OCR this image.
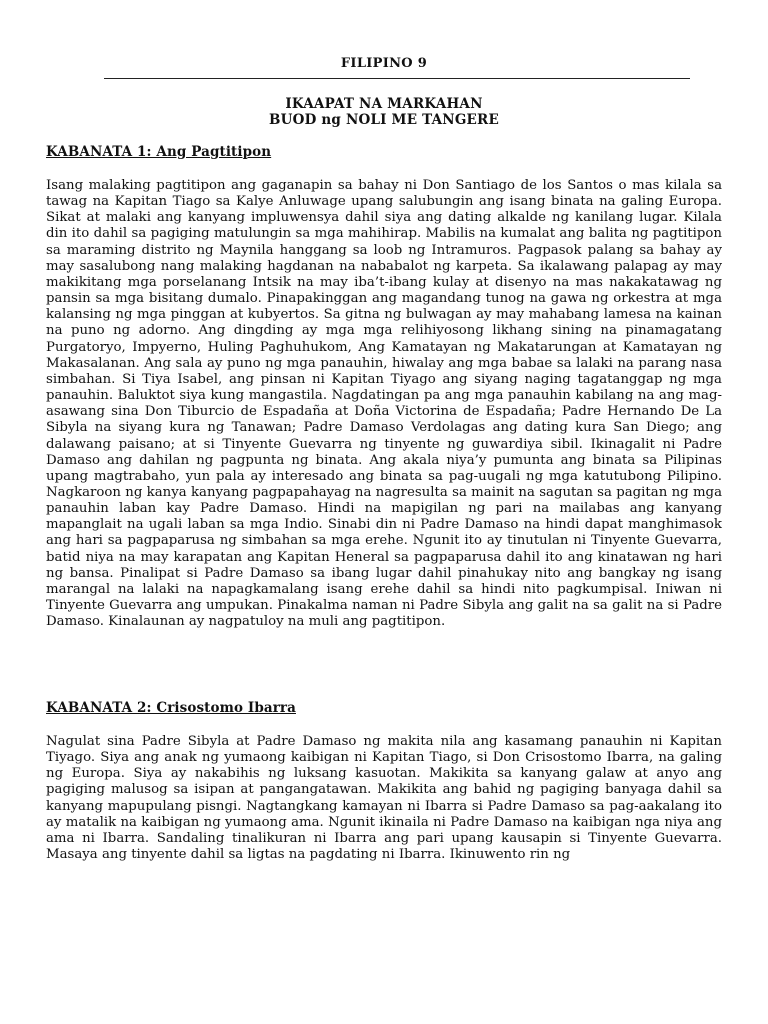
FILIPINO 9
IKAAPAT NA MARKAHAN
BUOD ng NOLI ME TANGERE
KABANATA 1: Ang Pagtitipon

Isang malaking pagtitipon ang gaganapin sa bahay ni Don Santiago de los Santos o mas kilala sa tawag na Kapitan Tiago sa Kalye Anluwage upang salubungin ang isang binata na galing Europa. Sikat at malaki ang kanyang impluwensya dahil siya ang dating alkalde ng kanilang lugar. Kilala din ito dahil sa pagiging matulungin sa mga mahihirap. Mabilis na kumalat ang balita ng pagtitipon sa maraming distrito ng Maynila hanggang sa loob ng Intramuros. Pagpasok palang sa bahay ay may sasalubong nang malaking hagdanan na nababalot ng karpeta. Sa ikalawang palapag ay may makikitang mga porselanang Intsik na may iba’t-ibang kulay at disenyo na mas nakakatawag ng pansin sa mga bisitang dumalo. Pinapakinggan ang magandang tunog na gawa ng orkestra at mga kalansing ng mga pinggan at kubyertos. Sa gitna ng bulwagan ay may mahabang lamesa na kainan na puno ng adorno. Ang dingding ay mga mga relihiyosong likhang sining na pinamagatang Purgatoryo, Impyerno, Huling Paghuhukom, Ang Kamatayan ng Makatarungan at Kamatayan ng Makasalanan. Ang sala ay puno ng mga panauhin, hiwalay ang mga babae sa lalaki na parang nasa simbahan. Si Tiya Isabel, ang pinsan ni Kapitan Tiyago ang siyang naging tagatanggap ng mga panauhin. Baluktot siya kung mangastila. Nagdatingan pa ang mga panauhin kabilang na ang mag-asawang sina Don Tiburcio de Espadaña at Doña Victorina de Espadaña; Padre Hernando De La Sibyla na siyang kura ng Tanawan; Padre Damaso Verdolagas ang dating kura San Diego; ang dalawang paisano; at si Tinyente Guevarra ng tinyente ng guwardiya sibil. Ikinagalit ni Padre Damaso ang dahilan ng pagpunta ng binata. Ang akala niya’y pumunta ang binata sa Pilipinas upang magtrabaho, yun pala ay interesado ang binata sa pag-uugali ng mga katutubong Pilipino. Nagkaroon ng kanya kanyang pagpapahayag na nagresulta sa mainit na sagutan sa pagitan ng mga panauhin laban kay Padre Damaso. Hindi na mapigilan ng pari na mailabas ang kanyang mapanglait na ugali laban sa mga Indio. Sinabi din ni Padre Damaso na hindi dapat manghimasok ang hari sa pagpaparusa ng simbahan sa mga erehe. Ngunit ito ay tinutulan ni Tinyente Guevarra, batid niya na may karapatan ang Kapitan Heneral sa pagpaparusa dahil ito ang kinatawan ng hari ng bansa. Pinalipat si Padre Damaso sa ibang lugar dahil pinahukay nito ang bangkay ng isang marangal na lalaki na napagkamalang isang erehe dahil sa hindi nito pagkumpisal. Iniwan ni Tinyente Guevarra ang umpukan. Pinakalma naman ni Padre Sibyla ang galit na sa galit na si Padre Damaso. Kinalaunan ay nagpatuloy na muli ang pagtitipon.

KABANATA 2: Crisostomo Ibarra

Nagulat sina Padre Sibyla at Padre Damaso ng makita nila ang kasamang panauhin ni Kapitan Tiyago. Siya ang anak ng yumaong kaibigan ni Kapitan Tiago, si Don Crisostomo Ibarra, na galing ng Europa. Siya ay nakabihis ng luksang kasuotan. Makikita sa kanyang galaw at anyo ang pagiging malusog sa isipan at pangangatawan. Makikita ang bahid ng pagiging banyaga dahil sa kanyang mapupulang pisngi. Nagtangkang kamayan ni Ibarra si Padre Damaso sa pag-aakalang ito ay matalik na kaibigan ng yumaong ama. Ngunit ikinaila ni Padre Damaso na kaibigan nga niya ang ama ni Ibarra. Sandaling tinalikuran ni Ibarra ang pari upang kausapin si Tinyente Guevarra. Masaya ang tinyente dahil sa ligtas na pagdating ni Ibarra. Ikinuwento rin ng
